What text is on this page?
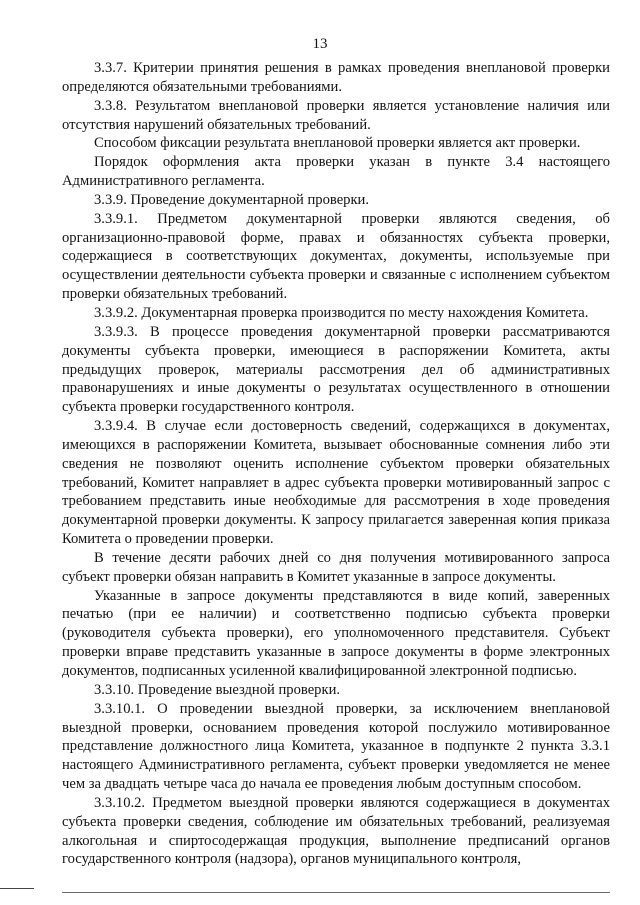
13

3.3.7. Критерии принятия решения в рамках проведения внеплановой проверки определяются обязательными требованиями.

3.3.8. Результатом внеплановой проверки является установление наличия или отсутствия нарушений обязательных требований.

Способом фиксации результата внеплановой проверки является акт проверки.

Порядок оформления акта проверки указан в пункте 3.4 настоящего Административного регламента.

3.3.9. Проведение документарной проверки.

3.3.9.1. Предметом документарной проверки являются сведения, об организационно-правовой форме, правах и обязанностях субъекта проверки, содержащиеся в соответствующих документах, документы, используемые при осуществлении деятельности субъекта проверки и связанные с исполнением субъектом проверки обязательных требований.

3.3.9.2. Документарная проверка производится по месту нахождения Комитета.

3.3.9.3. В процессе проведения документарной проверки рассматриваются документы субъекта проверки, имеющиеся в распоряжении Комитета, акты предыдущих проверок, материалы рассмотрения дел об административных правонарушениях и иные документы о результатах осуществленного в отношении субъекта проверки государственного контроля.

3.3.9.4. В случае если достоверность сведений, содержащихся в документах, имеющихся в распоряжении Комитета, вызывает обоснованные сомнения либо эти сведения не позволяют оценить исполнение субъектом проверки обязательных требований, Комитет направляет в адрес субъекта проверки мотивированный запрос с требованием представить иные необходимые для рассмотрения в ходе проведения документарной проверки документы. К запросу прилагается заверенная копия приказа Комитета о проведении проверки.

В течение десяти рабочих дней со дня получения мотивированного запроса субъект проверки обязан направить в Комитет указанные в запросе документы.

Указанные в запросе документы представляются в виде копий, заверенных печатью (при ее наличии) и соответственно подписью субъекта проверки (руководителя субъекта проверки), его уполномоченного представителя. Субъект проверки вправе представить указанные в запросе документы в форме электронных документов, подписанных усиленной квалифицированной электронной подписью.

3.3.10. Проведение выездной проверки.

3.3.10.1. О проведении выездной проверки, за исключением внеплановой выездной проверки, основанием проведения которой послужило мотивированное представление должностного лица Комитета, указанное в подпункте 2 пункта 3.3.1 настоящего Административного регламента, субъект проверки уведомляется не менее чем за двадцать четыре часа до начала ее проведения любым доступным способом.

3.3.10.2. Предметом выездной проверки являются содержащиеся в документах субъекта проверки сведения, соблюдение им обязательных требований, реализуемая алкогольная и спиртосодержащая продукция, выполнение предписаний органов государственного контроля (надзора), органов муниципального контроля,
